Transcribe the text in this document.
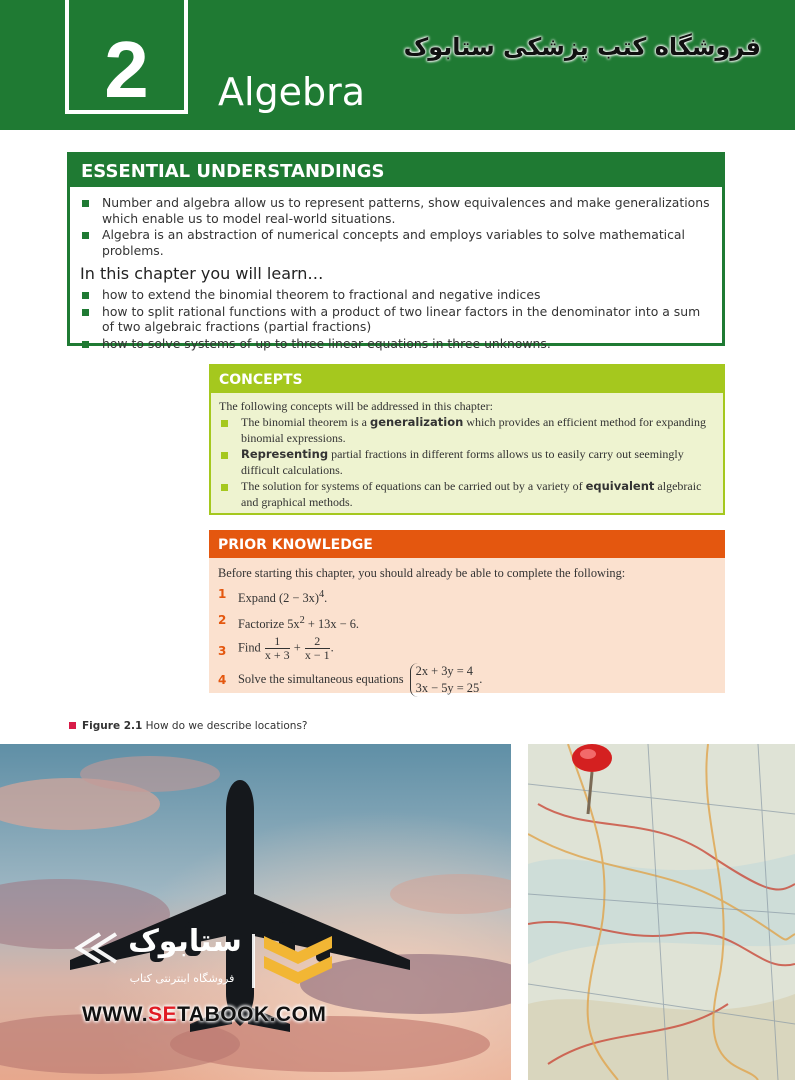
2	Algebra
فروشگاه کتب پزشکی ستابوک
ESSENTIAL UNDERSTANDINGS
Number and algebra allow us to represent patterns, show equivalences and make generalizations which enable us to model real-world situations.
Algebra is an abstraction of numerical concepts and employs variables to solve mathematical problems.
In this chapter you will learn…
how to extend the binomial theorem to fractional and negative indices
how to split rational functions with a product of two linear factors in the denominator into a sum of two algebraic fractions (partial fractions)
how to solve systems of up to three linear equations in three unknowns.
CONCEPTS
The following concepts will be addressed in this chapter:
The binomial theorem is a generalization which provides an efficient method for expanding binomial expressions.
Representing partial fractions in different forms allows us to easily carry out seemingly difficult calculations.
The solution for systems of equations can be carried out by a variety of equivalent algebraic and graphical methods.
PRIOR KNOWLEDGE
Before starting this chapter, you should already be able to complete the following:
1 Expand $(2 - 3x)^4$.
2 Factorize $5x^2 + 13x - 6$.
3 Find $\frac{1}{x + 3} + \frac{2}{x - 1}$ .
4 Solve the simultaneous equations
2x + 3y = 4
3x − 5y = 25
.
Figure 2.1 How do we describe locations?
ستابوک
فروشگاه اینترنتی کتاب
WWW.SETABOOK.COM
